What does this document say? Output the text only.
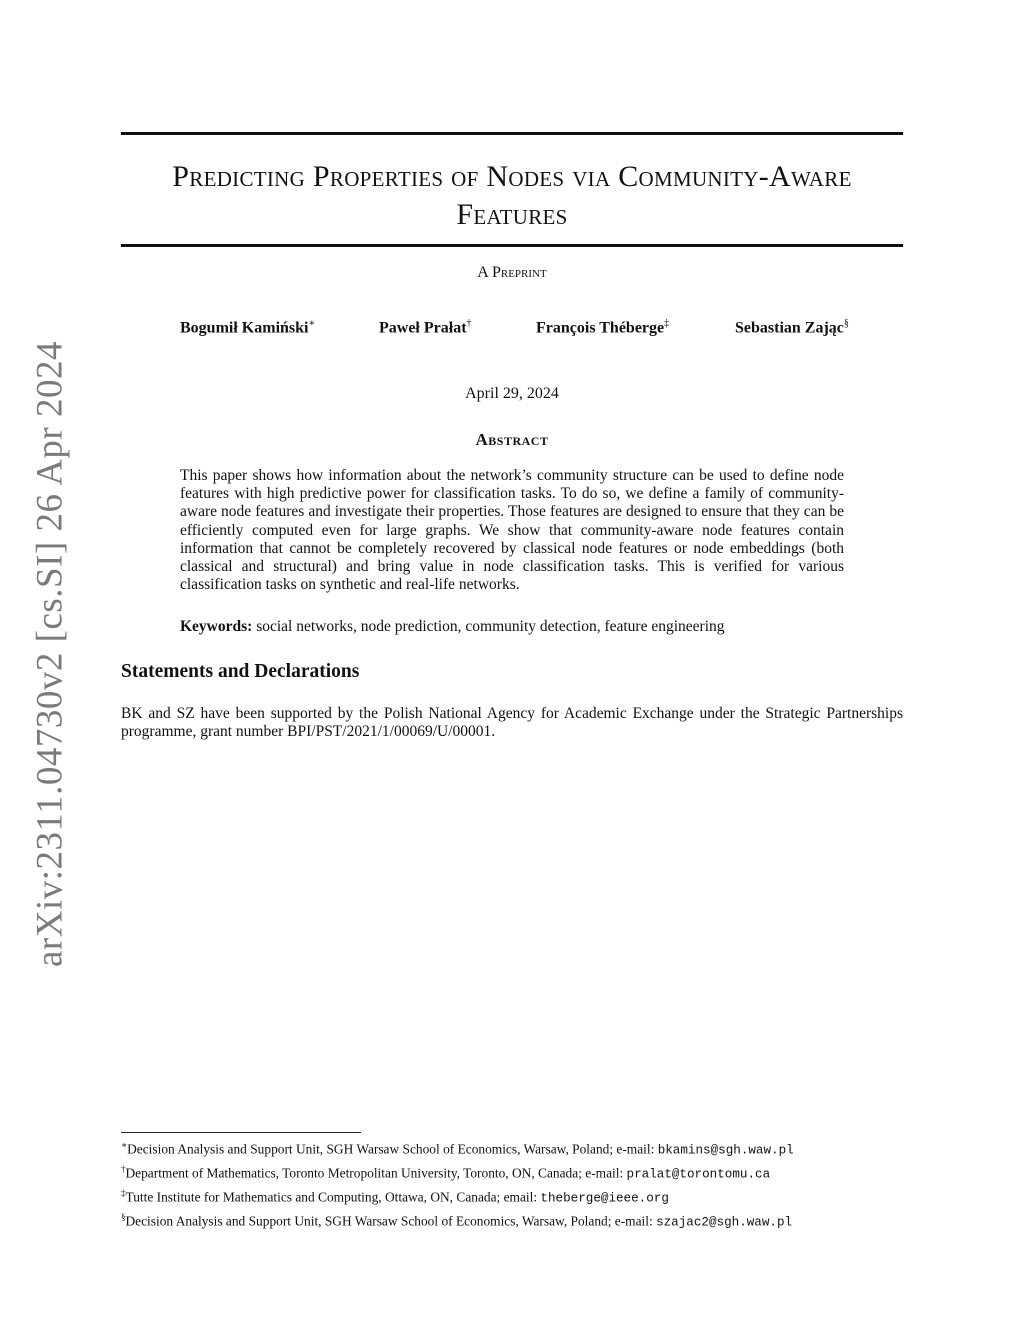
arXiv:2311.04730v2 [cs.SI] 26 Apr 2024
Predicting Properties of Nodes via Community-Aware Features
A Preprint
Bogumił Kamiński∗	Paweł Prałat†	François Théberge‡	Sebastian Zając§
April 29, 2024
Abstract

This paper shows how information about the network’s community structure can be used to define node features with high predictive power for classification tasks. To do so, we define a family of community-aware node features and investigate their properties. Those features are designed to ensure that they can be efficiently computed even for large graphs. We show that community-aware node features contain information that cannot be completely recovered by classical node features or node embeddings (both classical and structural) and bring value in node classification tasks. This is verified for various classification tasks on synthetic and real-life networks.

Keywords: social networks, node prediction, community detection, feature engineering
Statements and Declarations

BK and SZ have been supported by the Polish National Agency for Academic Exchange under the Strategic Partnerships programme, grant number BPI/PST/2021/1/00069/U/00001.

∗Decision Analysis and Support Unit, SGH Warsaw School of Economics, Warsaw, Poland; e-mail: bkamins@sgh.waw.pl
†Department of Mathematics, Toronto Metropolitan University, Toronto, ON, Canada; e-mail: pralat@torontomu.ca
‡Tutte Institute for Mathematics and Computing, Ottawa, ON, Canada; email: theberge@ieee.org
§Decision Analysis and Support Unit, SGH Warsaw School of Economics, Warsaw, Poland; e-mail: szajac2@sgh.waw.pl
